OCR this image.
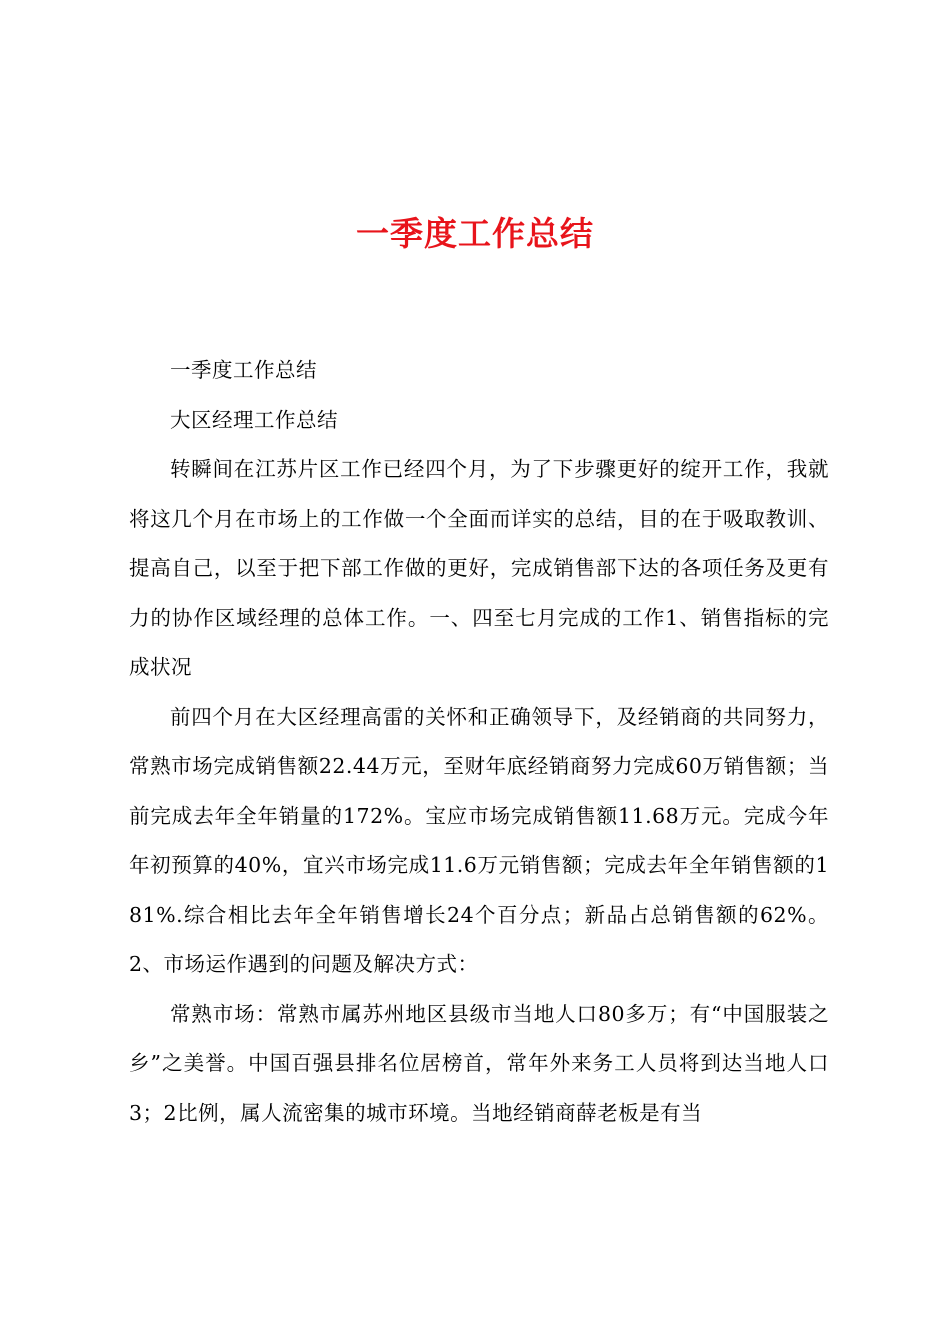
一季度工作总结

一季度工作总结

大区经理工作总结

转瞬间在江苏片区工作已经四个月，为了下步骤更好的绽开工作，我就将这几个月在市场上的工作做一个全面而详实的总结，目的在于吸取教训、提高自己，以至于把下部工作做的更好，完成销售部下达的各项任务及更有力的协作区域经理的总体工作。一、四至七月完成的工作1、销售指标的完成状况

前四个月在大区经理高雷的关怀和正确领导下，及经销商的共同努力，常熟市场完成销售额22.44万元，至财年底经销商努力完成60万销售额；当前完成去年全年销量的172%。宝应市场完成销售额11.68万元。完成今年年初预算的40%，宜兴市场完成11.6万元销售额；完成去年全年销售额的181%.综合相比去年全年销售增长24个百分点；新品占总销售额的62%。2、市场运作遇到的问题及解决方式：

常熟市场：常熟市属苏州地区县级市当地人口80多万；有“中国服装之乡”之美誉。中国百强县排名位居榜首，常年外来务工人员将到达当地人口3；2比例，属人流密集的城市环境。当地经销商薛老板是有当
